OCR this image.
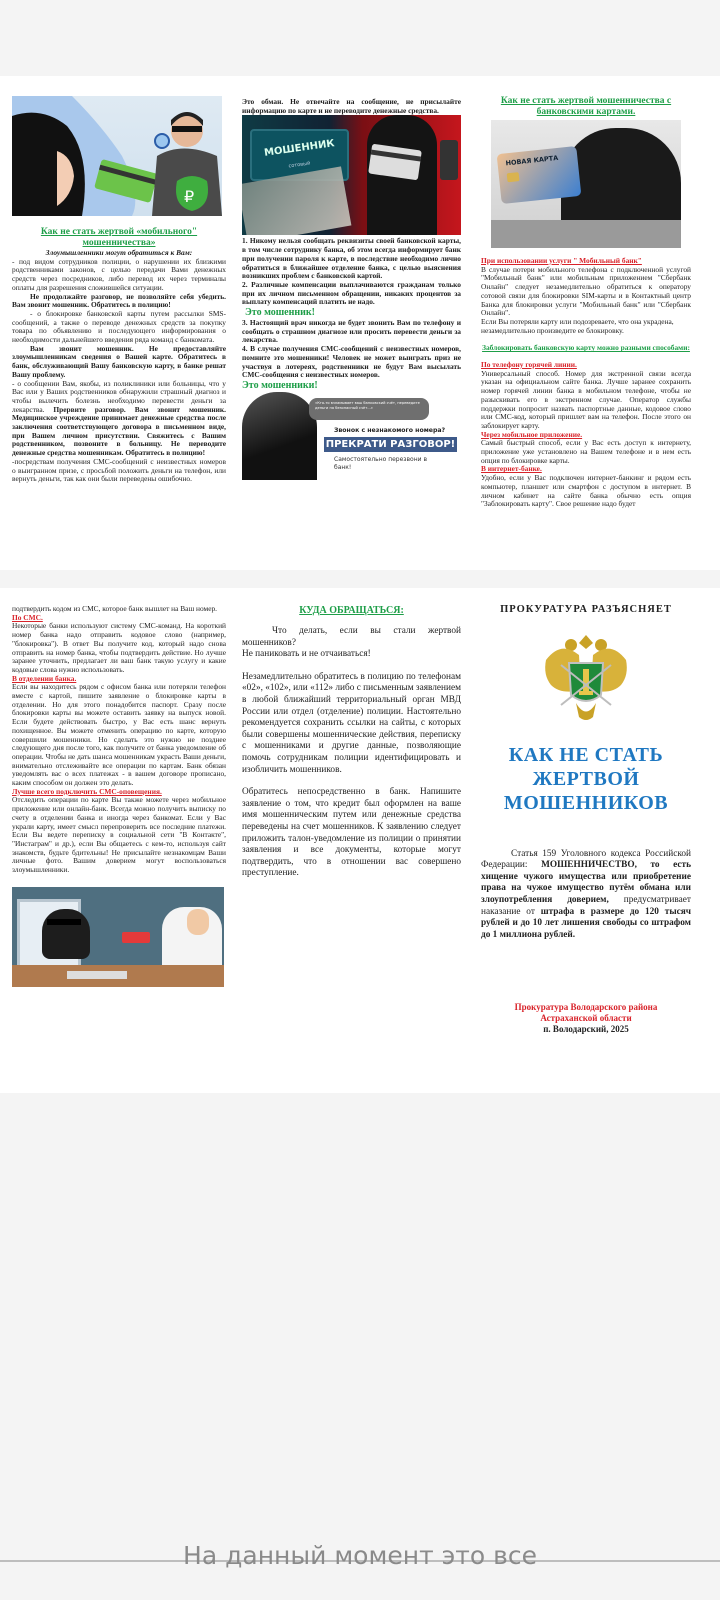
₽

Как не стать жертвой «мобильного" мошенничества»

Злоумышленники могут обратиться к Вам:

- под видом сотрудников полиции, о нарушении их близкими родственниками законов, с целью передачи Вами денежных средств через посредников, либо перевод их через терминалы оплаты для разрешения сложившейся ситуации.

Не продолжайте разговор, не позволяйте себя убедить. Вам звонит мошенник. Обратитесь в полицию!

- о блокировке банковской карты путем рассылки SMS-сообщений, а также о переводе денежных средств за покупку товара по объявлению и последующего информирования о необходимости дальнейшего введения ряда команд с банкомата.

Вам звонит мошенник. Не предоставляйте злоумышленникам сведения о Вашей карте. Обратитесь в банк, обслуживающий Вашу банковскую карту, в банке решат Вашу проблему.

- о сообщении Вам, якобы, из поликлиники или больницы, что у Вас или у Ваших родственников обнаружили страшный диагноз и чтобы вылечить болезнь необходимо перевести деньги за лекарства. Прервите разговор. Вам звонит мошенник. Медицинское учреждение принимает денежные средства после заключения соответствующего договора в письменном виде, при Вашем личном присутствии. Свяжитесь с Вашим родственником, позвоните в больницу. Не переводите денежные средства мошенникам. Обратитесь в полицию!

-посредствам получения СМС-сообщений с неизвестных номеров о выигранном призе, с просьбой положить деньги на телефон, или вернуть деньги, так как они были переведены ошибочно.

Это обман. Не отвечайте на сообщение, не присылайте информацию по карте и не переводите денежные средства.

МОШЕННИК
сотовый

1. Никому нельзя сообщать реквизиты своей банковской карты, в том числе сотруднику банка, об этом всегда информирует банк при получении пароля к карте, в последствие необходимо лично обратиться в ближайшее отделение банка, с целью выяснения возникших проблем с банковской картой.

2. Различные компенсации выплачиваются гражданам только при их личном письменном обращении, никаких процентов за выплату компенсаций платить не надо.

Это мошенник!

3. Настоящий врач никогда не будет звонить Вам по телефону и сообщать о страшном диагнозе или просить перевести деньги за лекарства.

4. В случае получения СМС-сообщений с неизвестных номеров, помните это мошенники! Человек не может выиграть приз не участвуя в лотереях, родственники не будут Вам высылать СМС-сообщения с неизвестных номеров.

Это мошенники!

«Кто-то взламывает ваш банковский счёт, переведите деньги на безопасный счёт...»
Звонок с незнакомого номера?
ПРЕКРАТИ РАЗГОВОР!
Самостоятельно перезвони в банк!

Как не стать жертвой мошенничества с банковскими картами.

НОВАЯ КАРТА

При использовании услуги " Мобильный банк"

В случае потери мобильного телефона с подключенной услугой "Мобильный банк" или мобильным приложением "Сбербанк Онлайн" следует незамедлительно обратиться к оператору сотовой связи для блокировки SIM-карты и в Контактный центр Банка для блокировки услуги "Мобильный банк" или "Сбербанк Онлайн".

Если Вы потеряли карту или подозреваете, что она украдена, незамедлительно произведите ее блокировку.

Заблокировать банковскую карту можно разными способами:

По телефону горячей линии.

Универсальный способ. Номер для экстренной связи всегда указан на официальном сайте банка. Лучше заранее сохранить номер горячей линии банка в мобильном телефоне, чтобы не разыскивать его в экстренном случае. Оператор службы поддержки попросит назвать паспортные данные, кодовое слово или СМС-код, который пришлет вам на телефон. После этого он заблокирует карту.

Через мобильное приложение.

Самый быстрый способ, если у Вас есть доступ к интернету, приложение уже установлено на Вашем телефоне и в нем есть опция по блокировке карты.

В интернет-банке.

Удобно, если у Вас подключен интернет-банкинг и рядом есть компьютер, планшет или смартфон с доступом в интернет. В личном кабинет на сайте банка обычно есть опция "Заблокировать карту". Свое решение надо будет

подтвердить кодом из СМС, которое банк вышлет на Ваш номер.

По СМС.

Некоторые банки используют систему СМС-команд. На короткий номер банка надо отправить кодовое слово (например, "блокировка"). В ответ Вы получите код, который надо снова отправить на номер банка, чтобы подтвердить действие. Но лучше заранее уточнить, предлагает ли ваш банк такую услугу и какие кодовые слова нужно использовать.

В отделении банка.

Если вы находитесь рядом с офисом банка или потеряли телефон вместе с картой, пишите заявление о блокировке карты в отделении. Но для этого понадобится паспорт. Сразу после блокировки карты вы можете оставить заявку на выпуск новой. Если будете действовать быстро, у Вас есть шанс вернуть похищенное. Вы можете отменить операцию по карте, которую совершили мошенники. Но сделать это нужно не позднее следующего дня после того, как получите от банка уведомление об операции. Чтобы не дать шанса мошенникам украсть Ваши деньги, внимательно отслеживайте все операции по картам. Банк обязан уведомлять вас о всех платежах - в вашем договоре прописано, каким способом он должен это делать.

Лучше всего подключить СМС-оповещения.

Отследить операции по карте Вы также можете через мобильное приложение или онлайн-банк. Всегда можно получить выписку по счету в отделении банка и иногда через банкомат. Если у Вас украли карту, имеет смысл перепроверить все последние платежи. Если Вы ведете переписку в социальной сети "В Контакте", "Инстаграм" и др.), если Вы общаетесь с кем-то, используя сайт знакомств, будьте бдительны! Не присылайте незнакомцам Ваши личные фото. Вашим доверием могут воспользоваться злоумышленники.

КУДА ОБРАЩАТЬСЯ:

Что делать, если вы стали жертвой мошенников?

Не паниковать и не отчаиваться!

Незамедлительно обратитесь в полицию по телефонам «02», «102», или «112» либо с письменным заявлением в любой ближайший территориальный орган МВД России или отдел (отделение) полиции. Настоятельно рекомендуется сохранить ссылки на сайты, с которых были совершены мошеннические действия, переписку с мошенниками и другие данные, позволяющие помочь сотрудникам полиции идентифицировать и изобличить мошенников.

Обратитесь непосредственно в банк. Напишите заявление о том, что кредит был оформлен на ваше имя мошенническим путем или денежные средства переведены на счет мошенников. К заявлению следует приложить талон-уведомление из полиции о принятии заявления и все документы, которые могут подтвердить, что в отношении вас совершено преступление.

ПРОКУРАТУРА РАЗЪЯСНЯЕТ

КАК НЕ СТАТЬ ЖЕРТВОЙ МОШЕННИКОВ

Статья 159 Уголовного кодекса Российской Федерации: МОШЕННИЧЕСТВО, то есть хищение чужого имущества или приобретение права на чужое имущество путём обмана или злоупотребления доверием, предусматривает наказание от штрафа в размере до 120 тысяч рублей и до 10 лет лишения свободы со штрафом до 1 миллиона рублей.

Прокуратура Володарского района

Астраханской области

п. Володарский, 2025

На данный момент это все
